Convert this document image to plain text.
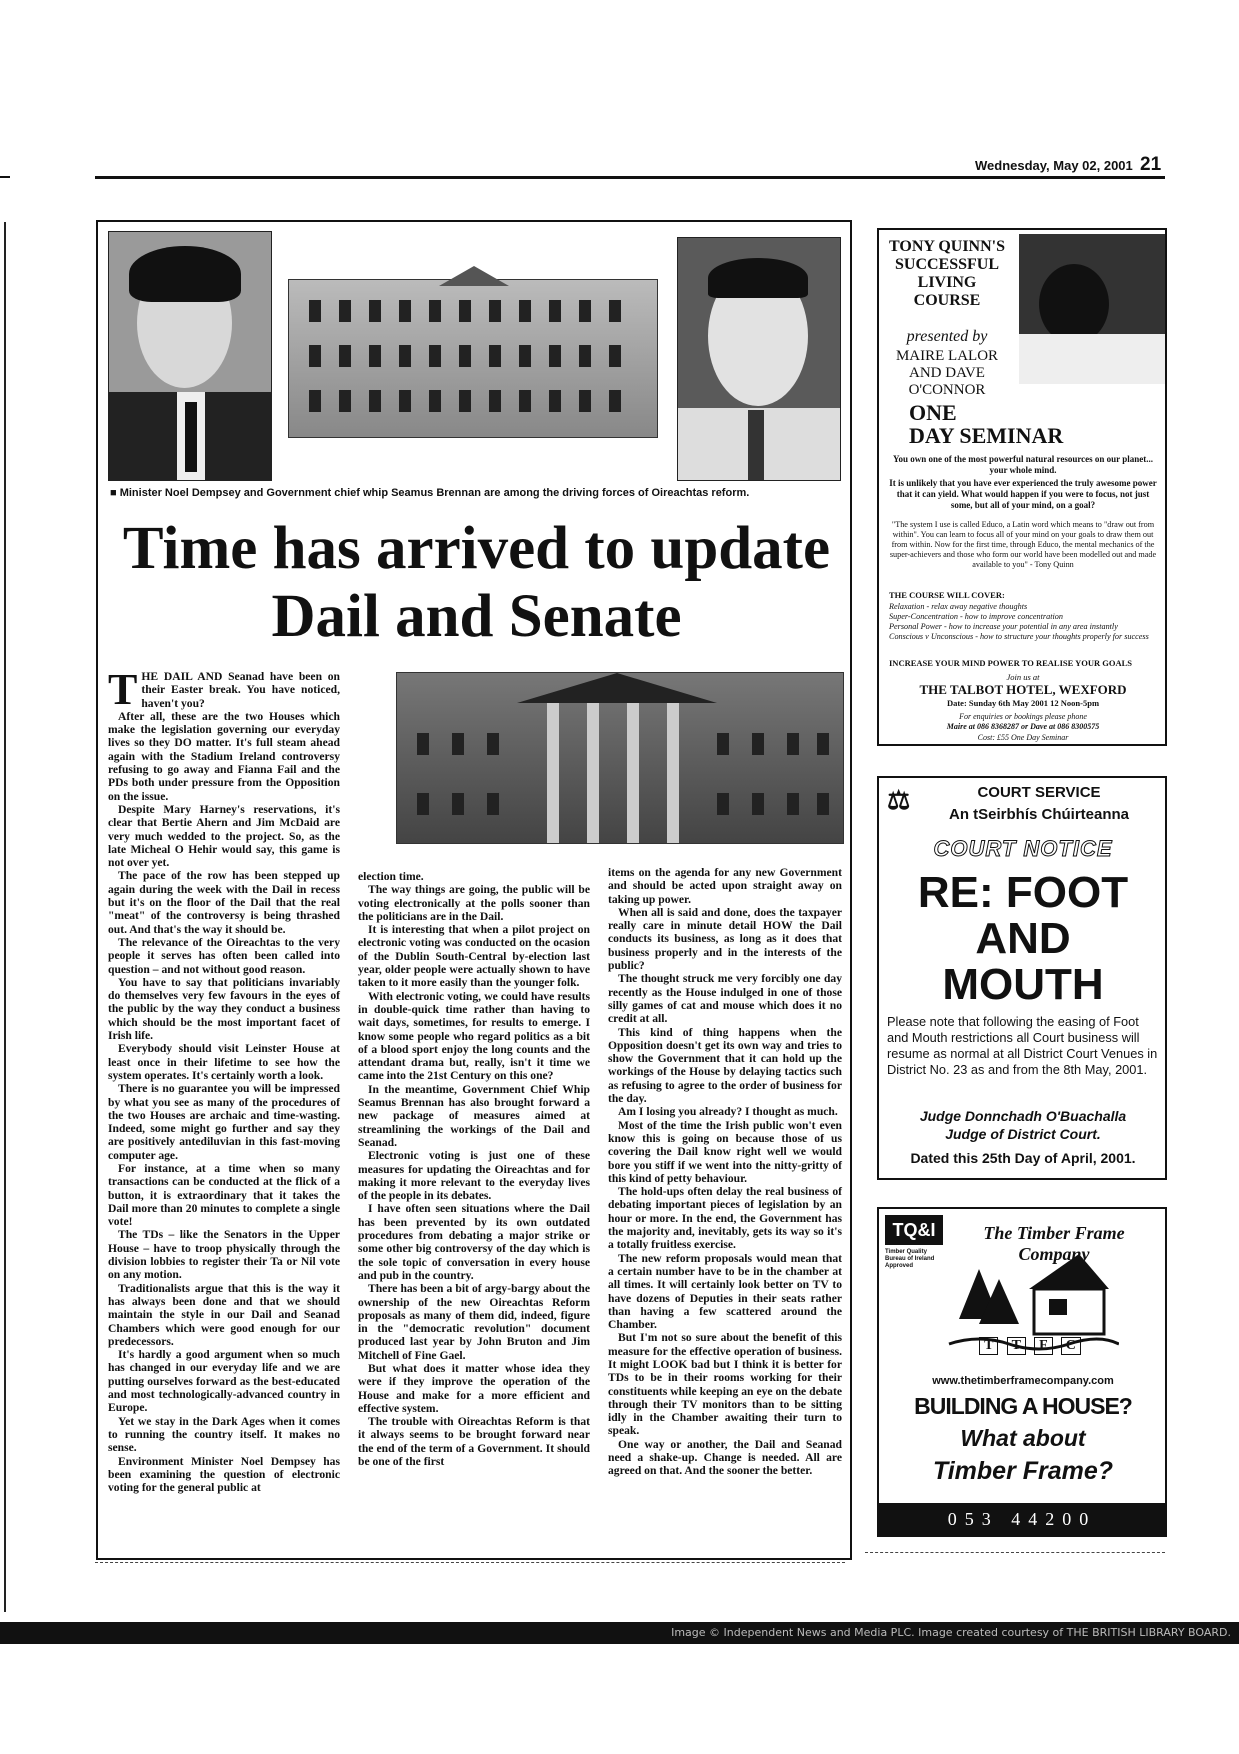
Wednesday, May 02, 2001 21
■ Minister Noel Dempsey and Government chief whip Seamus Brennan are among the driving forces of Oireachtas reform.
Time has arrived to update Dail and Senate
T HE DAIL AND Seanad have been on their Easter break. You have noticed, haven't you?

After all, these are the two Houses which make the legislation governing our everyday lives so they DO matter. It's full steam ahead again with the Stadium Ireland controversy refusing to go away and Fianna Fail and the PDs both under pressure from the Opposition on the issue.

Despite Mary Harney's reservations, it's clear that Bertie Ahern and Jim McDaid are very much wedded to the project. So, as the late Micheal O Hehir would say, this game is not over yet.

The pace of the row has been stepped up again during the week with the Dail in recess but it's on the floor of the Dail that the real "meat" of the controversy is being thrashed out. And that's the way it should be.

The relevance of the Oireachtas to the very people it serves has often been called into question – and not without good reason.

You have to say that politicians invariably do themselves very few favours in the eyes of the public by the way they conduct a business which should be the most important facet of Irish life.

Everybody should visit Leinster House at least once in their lifetime to see how the system operates. It's certainly worth a look.

There is no guarantee you will be impressed by what you see as many of the procedures of the two Houses are archaic and time-wasting. Indeed, some might go further and say they are positively antediluvian in this fast-moving computer age.

For instance, at a time when so many transactions can be conducted at the flick of a button, it is extraordinary that it takes the Dail more than 20 minutes to complete a single vote!

The TDs – like the Senators in the Upper House – have to troop physically through the division lobbies to register their Ta or Nil vote on any motion.

Traditionalists argue that this is the way it has always been done and that we should maintain the style in our Dail and Seanad Chambers which were good enough for our predecessors.

It's hardly a good argument when so much has changed in our everyday life and we are putting ourselves forward as the best-educated and most technologically-advanced country in Europe.

Yet we stay in the Dark Ages when it comes to running the country itself. It makes no sense.

Environment Minister Noel Dempsey has been examining the question of electronic voting for the general public at

election time.

The way things are going, the public will be voting electronically at the polls sooner than the politicians are in the Dail.

It is interesting that when a pilot project on electronic voting was conducted on the ocasion of the Dublin South-Central by-election last year, older people were actually shown to have taken to it more easily than the younger folk.

With electronic voting, we could have results in double-quick time rather than having to wait days, sometimes, for results to emerge. I know some people who regard politics as a bit of a blood sport enjoy the long counts and the attendant drama but, really, isn't it time we came into the 21st Century on this one?

In the meantime, Government Chief Whip Seamus Brennan has also brought forward a new package of measures aimed at streamlining the workings of the Dail and Seanad.

Electronic voting is just one of these measures for updating the Oireachtas and for making it more relevant to the everyday lives of the people in its debates.

I have often seen situations where the Dail has been prevented by its own outdated procedures from debating a major strike or some other big controversy of the day which is the sole topic of conversation in every house and pub in the country.

There has been a bit of argy-bargy about the ownership of the new Oireachtas Reform proposals as many of them did, indeed, figure in the "democratic revolution" document produced last year by John Bruton and Jim Mitchell of Fine Gael.

But what does it matter whose idea they were if they improve the operation of the House and make for a more efficient and effective system.

The trouble with Oireachtas Reform is that it always seems to be brought forward near the end of the term of a Government. It should be one of the first

items on the agenda for any new Government and should be acted upon straight away on taking up power.

When all is said and done, does the taxpayer really care in minute detail HOW the Dail conducts its business, as long as it does that business properly and in the interests of the public?

The thought struck me very forcibly one day recently as the House indulged in one of those silly games of cat and mouse which does it no credit at all.

This kind of thing happens when the Opposition doesn't get its own way and tries to show the Government that it can hold up the workings of the House by delaying tactics such as refusing to agree to the order of business for the day.

Am I losing you already? I thought as much.

Most of the time the Irish public won't even know this is going on because those of us covering the Dail know right well we would bore you stiff if we went into the nitty-gritty of this kind of petty behaviour.

The hold-ups often delay the real business of debating important pieces of legislation by an hour or more. In the end, the Government has the majority and, inevitably, gets its way so it's a totally fruitless exercise.

The new reform proposals would mean that a certain number have to be in the chamber at all times. It will certainly look better on TV to have dozens of Deputies in their seats rather than having a few scattered around the Chamber.

But I'm not so sure about the benefit of this measure for the effective operation of business. It might LOOK bad but I think it is better for TDs to be in their rooms working for their constituents while keeping an eye on the debate through their TV monitors than to be sitting idly in the Chamber awaiting their turn to speak.

One way or another, the Dail and Seanad need a shake-up. Change is needed. All are agreed on that. And the sooner the better.

TONY QUINN'S SUCCESSFUL LIVING COURSE
presented by
MAIRE LALOR AND DAVE O'CONNOR
ONE
DAY SEMINAR
You own one of the most powerful natural resources on our planet... your whole mind.
It is unlikely that you have ever experienced the truly awesome power that it can yield. What would happen if you were to focus, not just some, but all of your mind, on a goal?
"The system I use is called Educo, a Latin word which means to "draw out from within". You can learn to focus all of your mind on your goals to draw them out from within. Now for the first time, through Educo, the mental mechanics of the super-achievers and those who form our world have been modelled out and made available to you" - Tony Quinn
THE COURSE WILL COVER:
Relaxation - relax away negative thoughts
Super-Concentration - how to improve concentration
Personal Power - how to increase your potential in any area instantly
Conscious v Unconscious - how to structure your thoughts properly for success
INCREASE YOUR MIND POWER TO REALISE YOUR GOALS
Join us at
THE TALBOT HOTEL, WEXFORD
Date: Sunday 6th May 2001 12 Noon-5pm
For enquiries or bookings please phone
Maire at 086 8368287 or Dave at 086 8300575
Cost: £55 One Day Seminar
⚖	COURT SERVICE
An tSeirbhís Chúirteanna
COURT NOTICE
RE: FOOT
AND
MOUTH
Please note that following the easing of Foot and Mouth restrictions all Court business will resume as normal at all District Court Venues in District No. 23 as and from the 8th May, 2001.
Judge Donnchadh O'Buachalla
Judge of District Court.
Dated this 25th Day of April, 2001.
TQ&I
Timber Quality Bureau of Ireland Approved
The Timber Frame Company
T	T	F	C
www.thetimberframecompany.com
BUILDING A HOUSE?
What about
Timber Frame?
053 44200
Image © Independent News and Media PLC. Image created courtesy of THE BRITISH LIBRARY BOARD.
